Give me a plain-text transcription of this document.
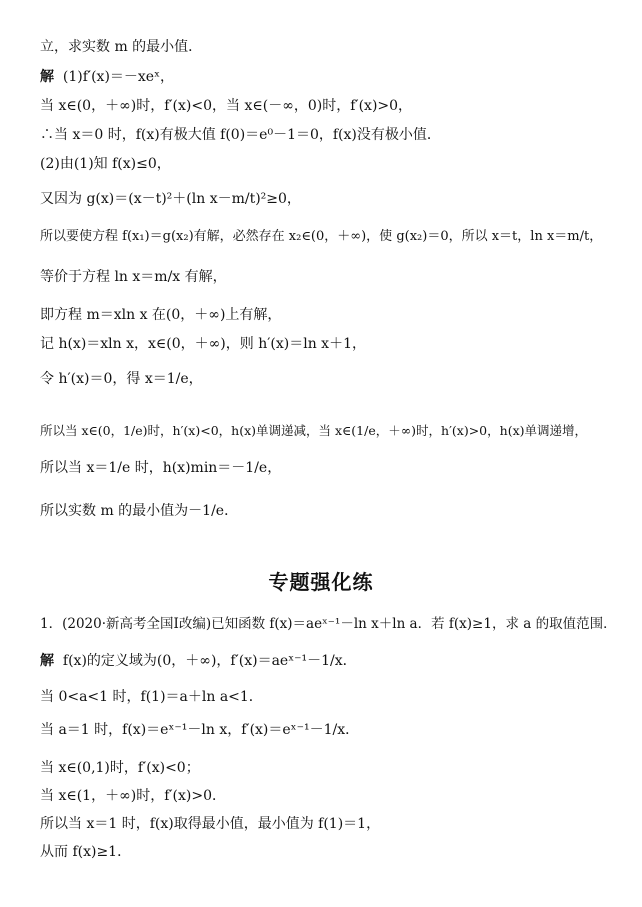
立，求实数 m 的最小值．
解 (1)f′(x)＝－xeˣ，
当 x∈(0，＋∞)时，f′(x)<0，当 x∈(－∞，0)时，f′(x)>0，
∴当 x＝0 时，f(x)有极大值 f(0)＝e⁰－1＝0，f(x)没有极小值．
(2)由(1)知 f(x)≤0，
又因为 g(x)＝(x－t)²＋(ln x－m/t)²≥0，
所以要使方程 f(x₁)＝g(x₂)有解，必然存在 x₂∈(0，＋∞)，使 g(x₂)＝0，所以 x＝t，ln x＝m/t，
等价于方程 ln x＝m/x 有解，
即方程 m＝xln x 在(0，＋∞)上有解，
记 h(x)＝xln x，x∈(0，＋∞)，则 h′(x)＝ln x＋1，
令 h′(x)＝0，得 x＝1/e，
所以当 x∈(0，1/e)时，h′(x)<0，h(x)单调递减，当 x∈(1/e，＋∞)时，h′(x)>0，h(x)单调递增，
所以当 x＝1/e 时，h(x)min＝－1/e，
所以实数 m 的最小值为－1/e．
专题强化练
1．(2020·新高考全国Ⅰ改编)已知函数 f(x)＝aeˣ⁻¹－ln x＋ln a．若 f(x)≥1，求 a 的取值范围．
解 f(x)的定义域为(0，＋∞)，f′(x)＝aeˣ⁻¹－1/x．
当 0<a<1 时，f(1)＝a＋ln a<1．
当 a＝1 时，f(x)＝eˣ⁻¹－ln x，f′(x)＝eˣ⁻¹－1/x．
当 x∈(0,1)时，f′(x)<0；
当 x∈(1，＋∞)时，f′(x)>0．
所以当 x＝1 时，f(x)取得最小值，最小值为 f(1)＝1，
从而 f(x)≥1．
